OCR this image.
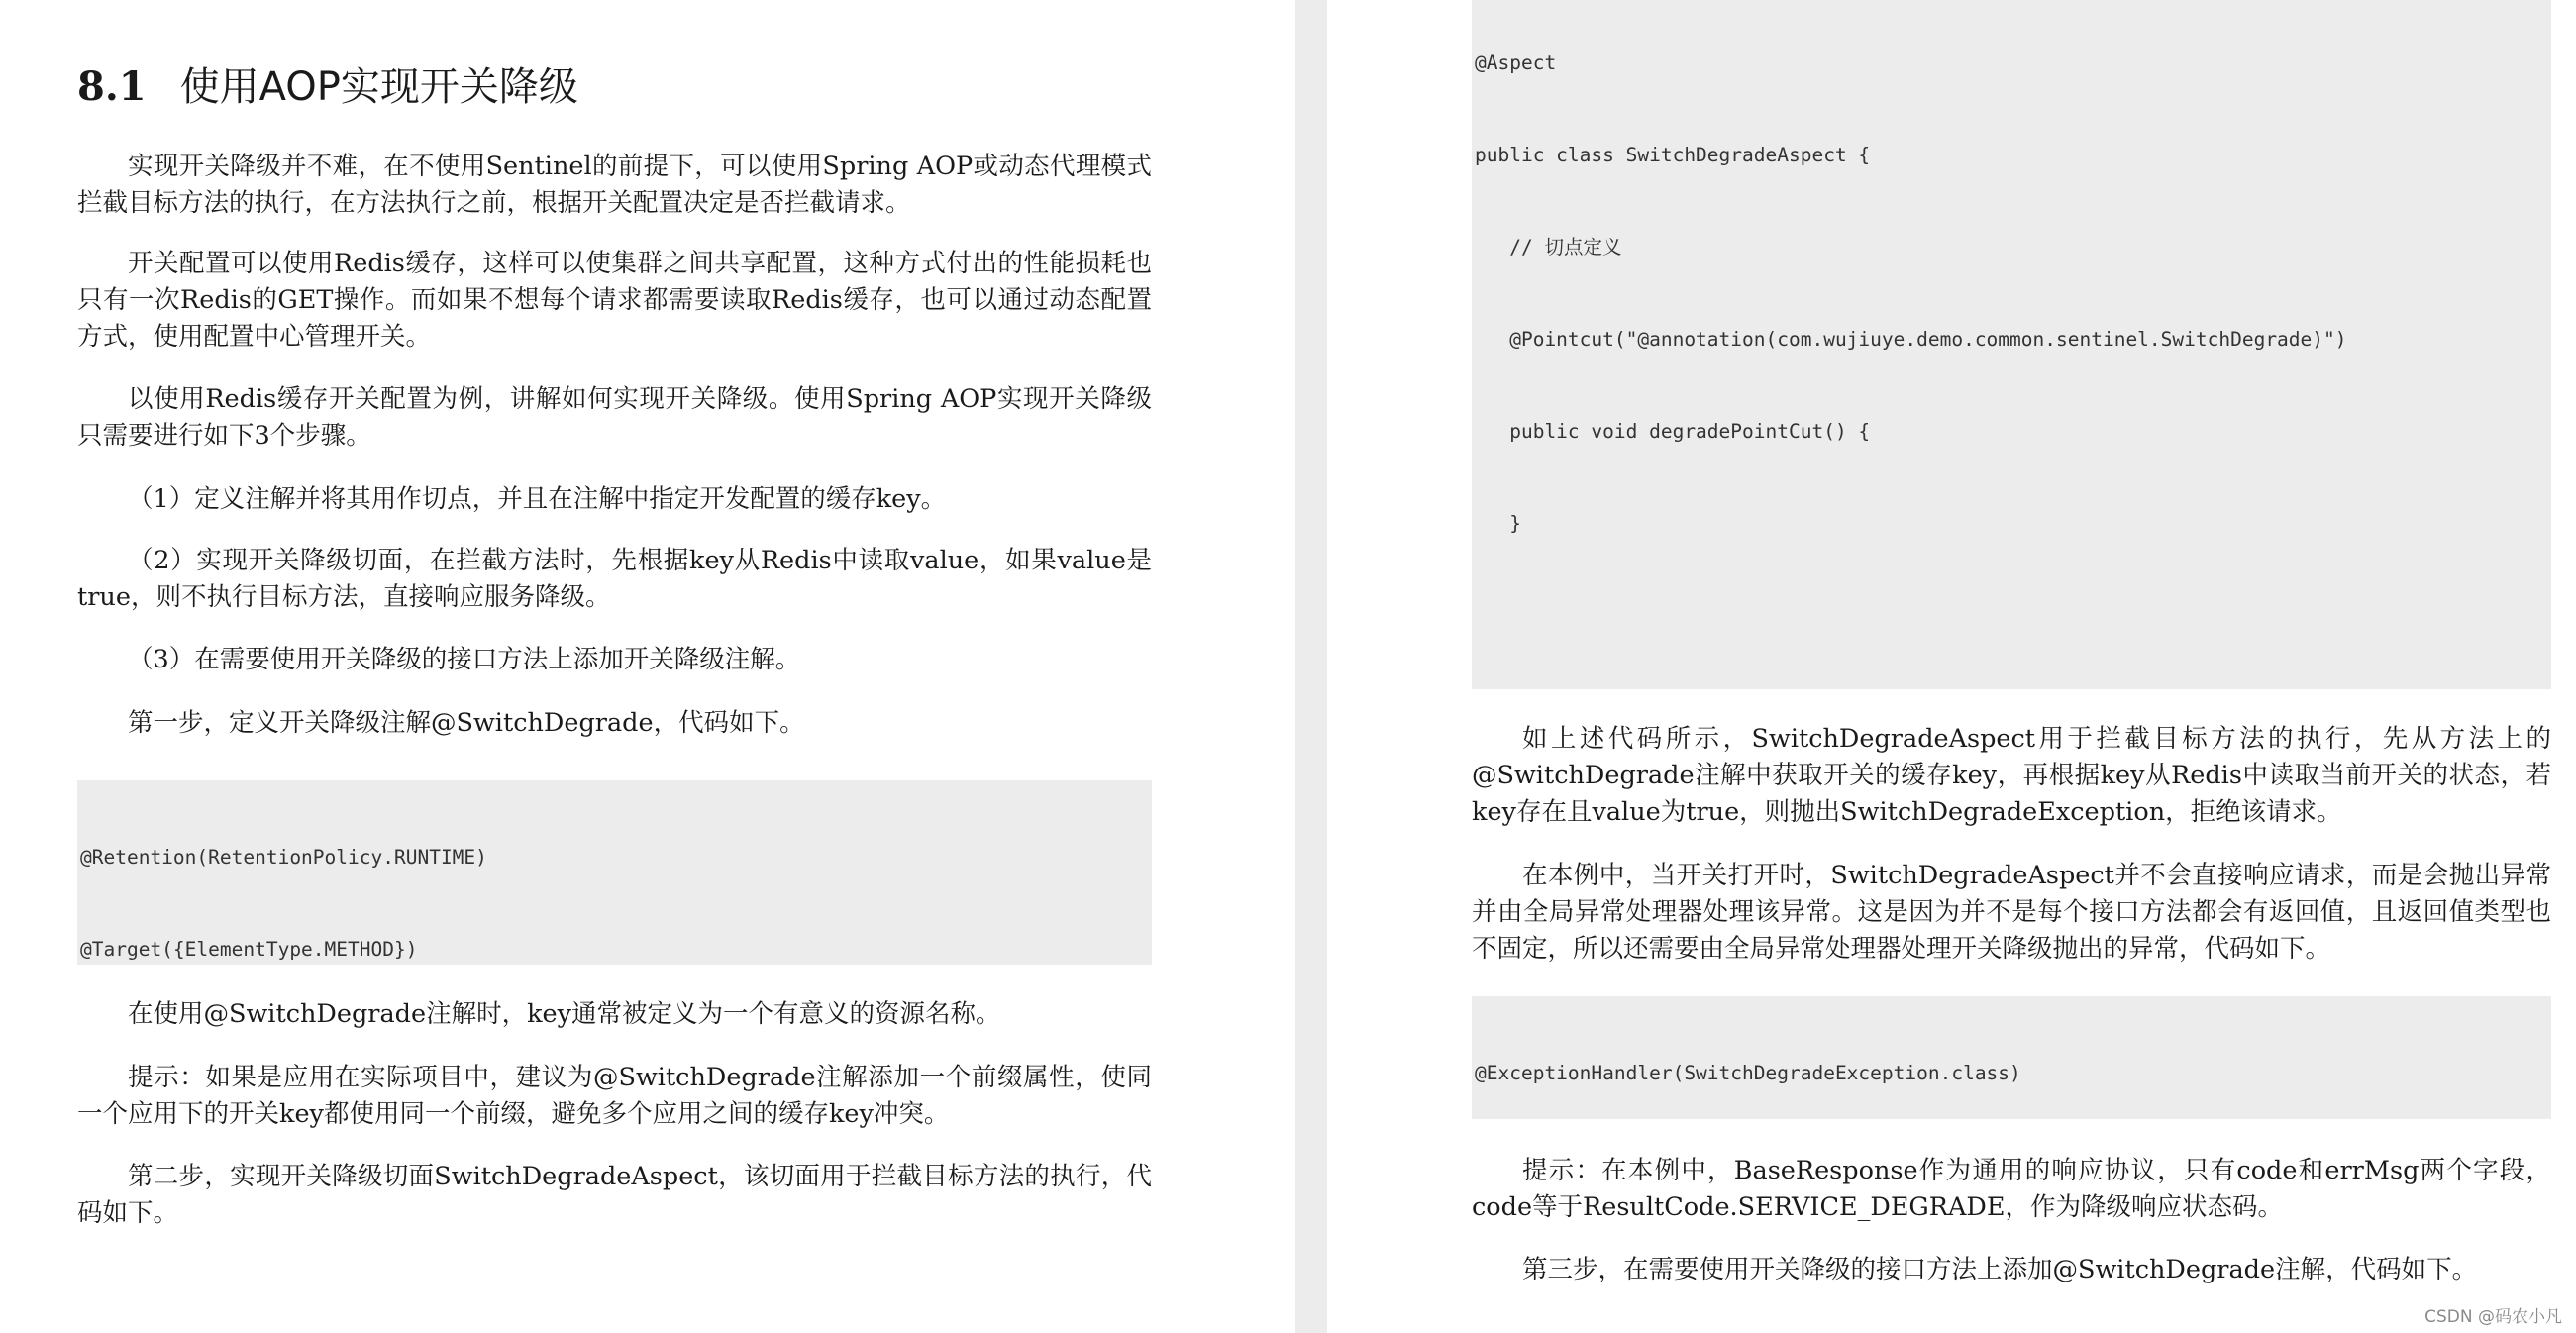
8.1 使用AOP实现开关降级

实现开关降级并不难，在不使用Sentinel的前提下，可以使用Spring AOP或动态代理模式拦截目标方法的执行，在方法执行之前，根据开关配置决定是否拦截请求。

开关配置可以使用Redis缓存，这样可以使集群之间共享配置，这种方式付出的性能损耗也只有一次Redis的GET操作。而如果不想每个请求都需要读取Redis缓存，也可以通过动态配置方式，使用配置中心管理开关。

以使用Redis缓存开关配置为例，讲解如何实现开关降级。使用Spring AOP实现开关降级只需要进行如下3个步骤。

（1）定义注解并将其用作切点，并且在注解中指定开发配置的缓存key。

（2）实现开关降级切面，在拦截方法时，先根据key从Redis中读取value，如果value是true，则不执行目标方法，直接响应服务降级。

（3）在需要使用开关降级的接口方法上添加开关降级注解。

第一步，定义开关降级注解@SwitchDegrade，代码如下。

@Retention(RetentionPolicy.RUNTIME)

@Target({ElementType.METHOD})

在使用@SwitchDegrade注解时，key通常被定义为一个有意义的资源名称。

提示：如果是应用在实际项目中，建议为@SwitchDegrade注解添加一个前缀属性，使同一个应用下的开关key都使用同一个前缀，避免多个应用之间的缓存key冲突。

第二步，实现开关降级切面SwitchDegradeAspect，该切面用于拦截目标方法的执行，代码如下。

@Aspect

public class SwitchDegradeAspect {

// 切点定义

@Pointcut("@annotation(com.wujiuye.demo.common.sentinel.SwitchDegrade)")

public void degradePointCut() {

}

如上述代码所示，SwitchDegradeAspect用于拦截目标方法的执行，先从方法上的@SwitchDegrade注解中获取开关的缓存key，再根据key从Redis中读取当前开关的状态，若key存在且value为true，则抛出SwitchDegradeException，拒绝该请求。

在本例中，当开关打开时，SwitchDegradeAspect并不会直接响应请求，而是会抛出异常并由全局异常处理器处理该异常。这是因为并不是每个接口方法都会有返回值，且返回值类型也不固定，所以还需要由全局异常处理器处理开关降级抛出的异常，代码如下。

@ExceptionHandler(SwitchDegradeException.class)

提示：在本例中，BaseResponse作为通用的响应协议，只有code和errMsg两个字段，code等于ResultCode.SERVICE_DEGRADE，作为降级响应状态码。

第三步，在需要使用开关降级的接口方法上添加@SwitchDegrade注解，代码如下。

CSDN @码农小凡
